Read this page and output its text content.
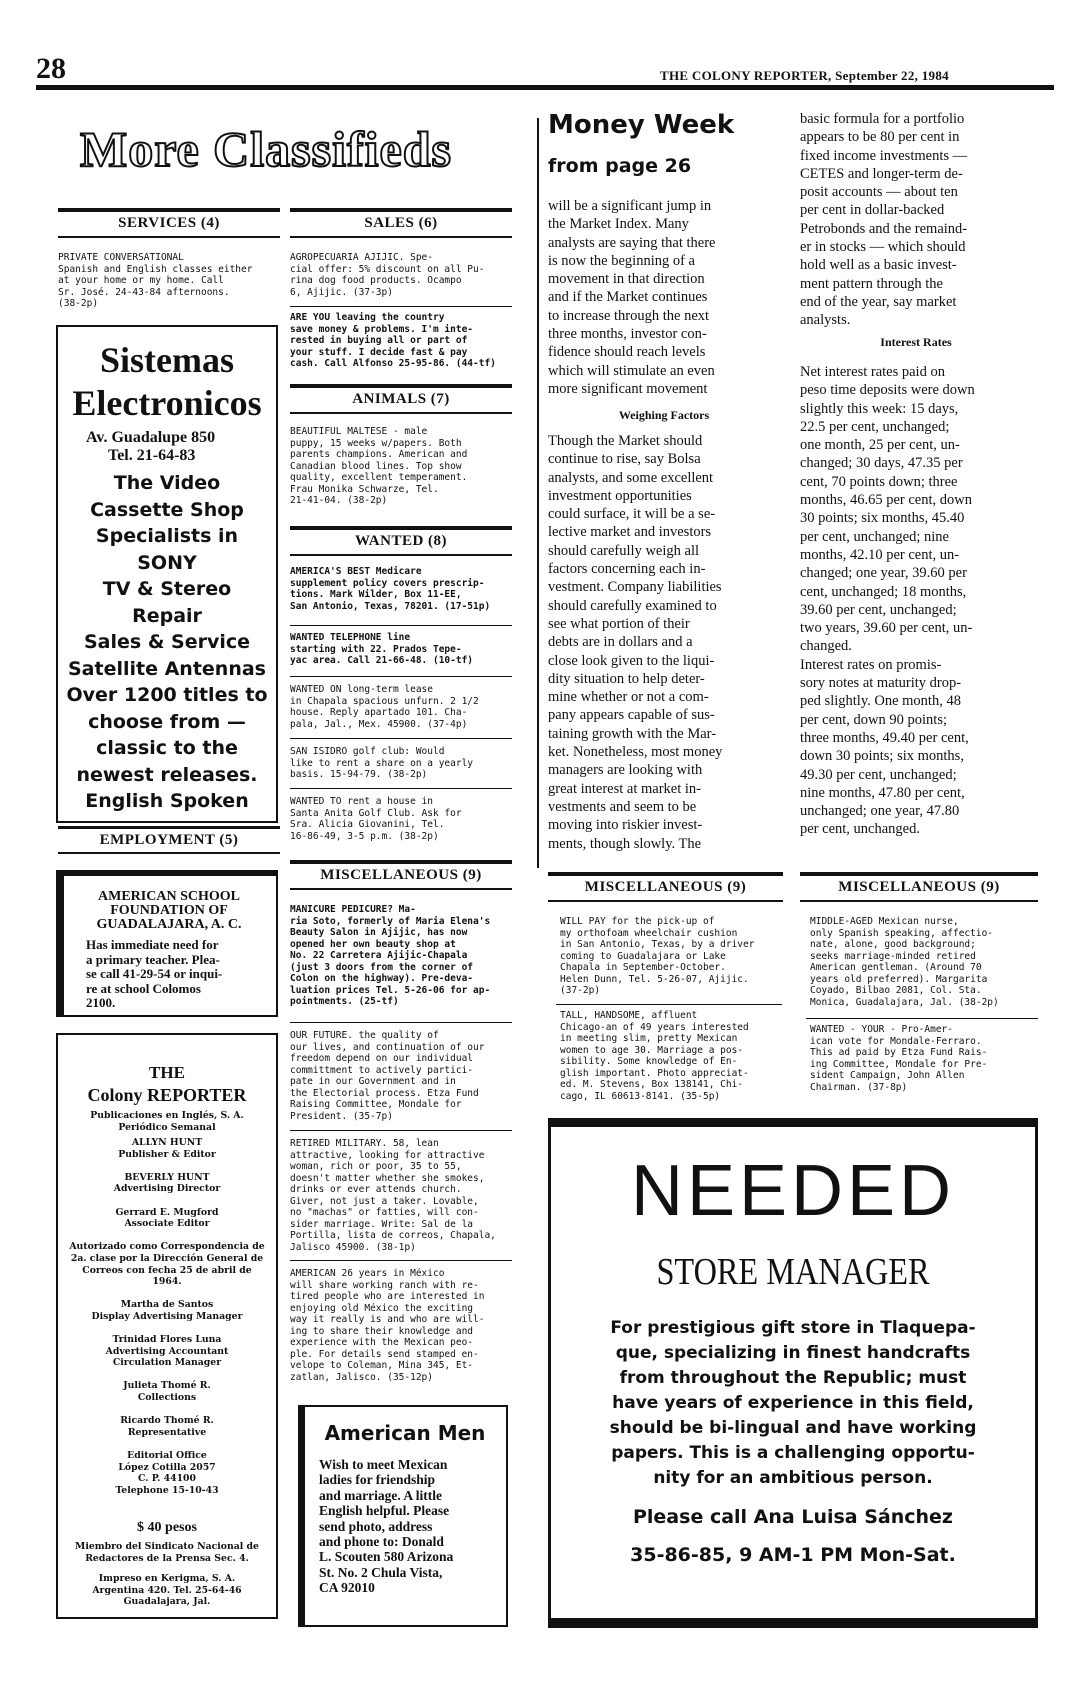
28	THE COLONY REPORTER, September 22, 1984
More Classifieds
SERVICES (4)
PRIVATE CONVERSATIONAL
Spanish and English classes either
at your home or my home. Call
Sr. José. 24-43-84 afternoons.
(38-2p)
Sistemas
Electronicos
Av. Guadalupe 850
Tel. 21-64-83
The Video
Cassette Shop
Specialists in
SONY
TV & Stereo
Repair
Sales & Service
Satellite Antennas
Over 1200 titles to
choose from —
classic to the
newest releases.
English Spoken
EMPLOYMENT (5)
AMERICAN SCHOOL
FOUNDATION OF
GUADALAJARA, A. C.
Has immediate need for
a primary teacher. Plea-
se call 41-29-54 or inqui-
re at school Colomos
2100.
THE
Colony REPORTER
Publicaciones en Inglés, S. A.
Periódico Semanal
ALLYN HUNT
Publisher & Editor

BEVERLY HUNT
Advertising Director

Gerrard E. Mugford
Associate Editor

Autorizado como Correspondencia de 2a. clase por la Dirección General de Correos con fecha 25 de abril de 1964.

Martha de Santos
Display Advertising Manager

Trinidad Flores Luna
Advertising Accountant
Circulation Manager

Julieta Thomé R.
Collections

Ricardo Thomé R.
Representative

Editorial Office
López Cotilla 2057
C. P. 44100
Telephone 15-10-43
$ 40 pesos
Miembro del Sindicato Nacional de Redactores de la Prensa Sec. 4.
Impreso en Kerigma, S. A.
Argentina 420. Tel. 25-64-46
Guadalajara, Jal.
SALES (6)
AGROPECUARIA AJIJIC. Spe-
cial offer: 5% discount on all Pu-
rina dog food products. Ocampo
6, Ajijic. (37-3p)
ARE YOU leaving the country
save money & problems. I'm inte-
rested in buying all or part of
your stuff. I decide fast & pay
cash. Call Alfonso 25-95-86. (44-tf)
ANIMALS (7)
BEAUTIFUL MALTESE - male
puppy, 15 weeks w/papers. Both
parents champions. American and
Canadian blood lines. Top show
quality, excellent temperament.
Frau Monika Schwarze, Tel.
21-41-04. (38-2p)
WANTED (8)
AMERICA'S BEST Medicare
supplement policy covers prescrip-
tions. Mark Wilder, Box 11-EE,
San Antonio, Texas, 78201. (17-51p)
WANTED TELEPHONE line
starting with 22. Prados Tepe-
yac area. Call 21-66-48. (10-tf)
WANTED ON long-term lease
in Chapala spacious unfurn. 2 1/2
house. Reply apartado 101. Cha-
pala, Jal., Mex. 45900. (37-4p)
SAN ISIDRO golf club: Would
like to rent a share on a yearly
basis. 15-94-79. (38-2p)
WANTED TO rent a house in
Santa Anita Golf Club. Ask for
Sra. Alicia Giovanini, Tel.
16-86-49, 3-5 p.m. (38-2p)
MISCELLANEOUS (9)
MANICURE PEDICURE? Ma-
ria Soto, formerly of Maria Elena's
Beauty Salon in Ajijic, has now
opened her own beauty shop at
No. 22 Carretera Ajijic-Chapala
(just 3 doors from the corner of
Colon on the highway). Pre-deva-
luation prices Tel. 5-26-06 for ap-
pointments. (25-tf)
OUR FUTURE. the quality of
our lives, and continuation of our
freedom depend on our individual
committment to actively partici-
pate in our Government and in
the Electorial process. Etza Fund
Raising Committee, Mondale for
President. (35-7p)
RETIRED MILITARY. 58, lean
attractive, looking for attractive
woman, rich or poor, 35 to 55,
doesn't matter whether she smokes,
drinks or ever attends church.
Giver, not just a taker. Lovable,
no "machas" or fatties, will con-
sider marriage. Write: Sal de la
Portilla, lista de correos, Chapala,
Jalisco 45900. (38-1p)
AMERICAN 26 years in México
will share working ranch with re-
tired people who are interested in
enjoying old México the exciting
way it really is and who are will-
ing to share their knowledge and
experience with the Mexican peo-
ple. For details send stamped en-
velope to Coleman, Mina 345, Et-
zatlan, Jalisco. (35-12p)
American Men
Wish to meet Mexican
ladies for friendship
and marriage. A little
English helpful. Please
send photo, address
and phone to: Donald
L. Scouten 580 Arizona
St. No. 2 Chula Vista,
CA 92010
Money Week
from page 26
will be a significant jump in
the Market Index. Many
analysts are saying that there
is now the beginning of a
movement in that direction
and if the Market continues
to increase through the next
three months, investor con-
fidence should reach levels
which will stimulate an even
more significant movement
Weighing Factors
Though the Market should
continue to rise, say Bolsa
analysts, and some excellent
investment opportunities
could surface, it will be a se-
lective market and investors
should carefully weigh all
factors concerning each in-
vestment. Company liabilities
should carefully examined to
see what portion of their
debts are in dollars and a
close look given to the liqui-
dity situation to help deter-
mine whether or not a com-
pany appears capable of sus-
taining growth with the Mar-
ket. Nonetheless, most money
managers are looking with
great interest at market in-
vestments and seem to be
moving into riskier invest-
ments, though slowly. The
basic formula for a portfolio
appears to be 80 per cent in
fixed income investments —
CETES and longer-term de-
posit accounts — about ten
per cent in dollar-backed
Petrobonds and the remaind-
er in stocks — which should
hold well as a basic invest-
ment pattern through the
end of the year, say market
analysts.
Interest Rates
Net interest rates paid on
peso time deposits were down
slightly this week: 15 days,
22.5 per cent, unchanged;
one month, 25 per cent, un-
changed; 30 days, 47.35 per
cent, 70 points down; three
months, 46.65 per cent, down
30 points; six months, 45.40
per cent, unchanged; nine
months, 42.10 per cent, un-
changed; one year, 39.60 per
cent, unchanged; 18 months,
39.60 per cent, unchanged;
two years, 39.60 per cent, un-
changed.
Interest rates on promis-
sory notes at maturity drop-
ped slightly. One month, 48
per cent, down 90 points;
three months, 49.40 per cent,
down 30 points; six months,
49.30 per cent, unchanged;
nine months, 47.80 per cent,
unchanged; one year, 47.80
per cent, unchanged.
MISCELLANEOUS (9)	MISCELLANEOUS (9)
WILL PAY for the pick-up of
my orthofoam wheelchair cushion
in San Antonio, Texas, by a driver
coming to Guadalajara or Lake
Chapala in September-October.
Helen Dunn, Tel. 5-26-07, Ajijic.
(37-2p)
TALL, HANDSOME, affluent
Chicago-an of 49 years interested
in meeting slim, pretty Mexican
women to age 30. Marriage a pos-
sibility. Some knowledge of En-
glish important. Photo appreciat-
ed. M. Stevens, Box 138141, Chi-
cago, IL 60613-8141. (35-5p)
MIDDLE-AGED Mexican nurse,
only Spanish speaking, affectio-
nate, alone, good background;
seeks marriage-minded retired
American gentleman. (Around 70
years old preferred). Margarita
Coyado, Bilbao 2081, Col. Sta.
Monica, Guadalajara, Jal. (38-2p)
WANTED - YOUR - Pro-Amer-
ican vote for Mondale-Ferraro.
This ad paid by Etza Fund Rais-
ing Committee, Mondale for Pre-
sident Campaign, John Allen
Chairman. (37-8p)
NEEDED
STORE MANAGER
For prestigious gift store in Tlaquepa-
que, specializing in finest handcrafts
from throughout the Republic; must
have years of experience in this field,
should be bi-lingual and have working
papers. This is a challenging opportu-
nity for an ambitious person.
Please call Ana Luisa Sánchez
35-86-85, 9 AM-1 PM Mon-Sat.
